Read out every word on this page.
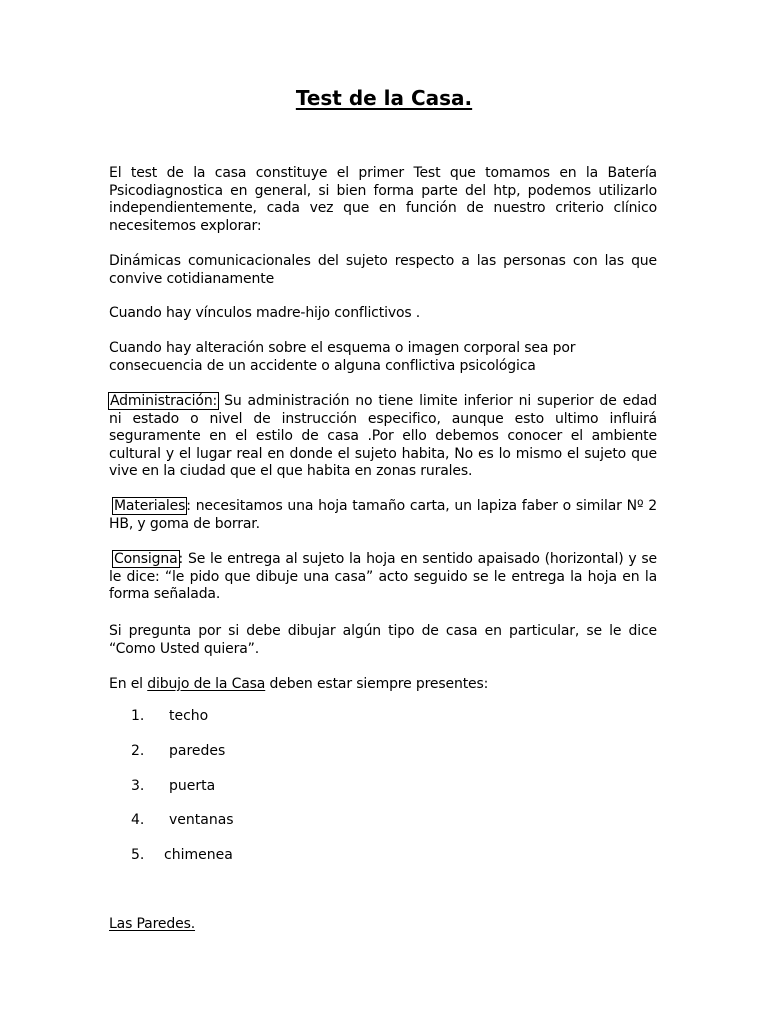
Test de la Casa.

El test de la casa constituye el primer Test que tomamos en la Batería Psicodiagnostica en general, si bien forma parte del htp, podemos utilizarlo independientemente, cada vez que en función de nuestro criterio clínico necesitemos explorar:

Dinámicas comunicacionales del sujeto respecto a las personas con las que convive cotidianamente

Cuando hay vínculos madre-hijo conflictivos .

Cuando hay alteración sobre el esquema o imagen corporal sea por consecuencia de un accidente o alguna conflictiva psicológica

Administración: Su administración no tiene limite inferior ni superior de edad ni estado o nivel de instrucción especifico, aunque esto ultimo influirá seguramente en el estilo de casa .Por ello debemos conocer el ambiente cultural y el lugar real en donde el sujeto habita, No es lo mismo el sujeto que vive en la ciudad que el que habita en zonas rurales.

Materiales: necesitamos una hoja tamaño carta, un lapiza faber o similar Nº 2 HB, y goma de borrar.

Consigna: Se le entrega al sujeto la hoja en sentido apaisado (horizontal) y se le dice: “le pido que dibuje una casa” acto seguido se le entrega la hoja en la forma señalada.

Si pregunta por si debe dibujar algún tipo de casa en particular, se le dice “Como Usted quiera”.

En el dibujo de la Casa deben estar siempre presentes:

1.	techo
2.	paredes
3.	puerta
4.	ventanas
5.	chimenea

Las Paredes.
